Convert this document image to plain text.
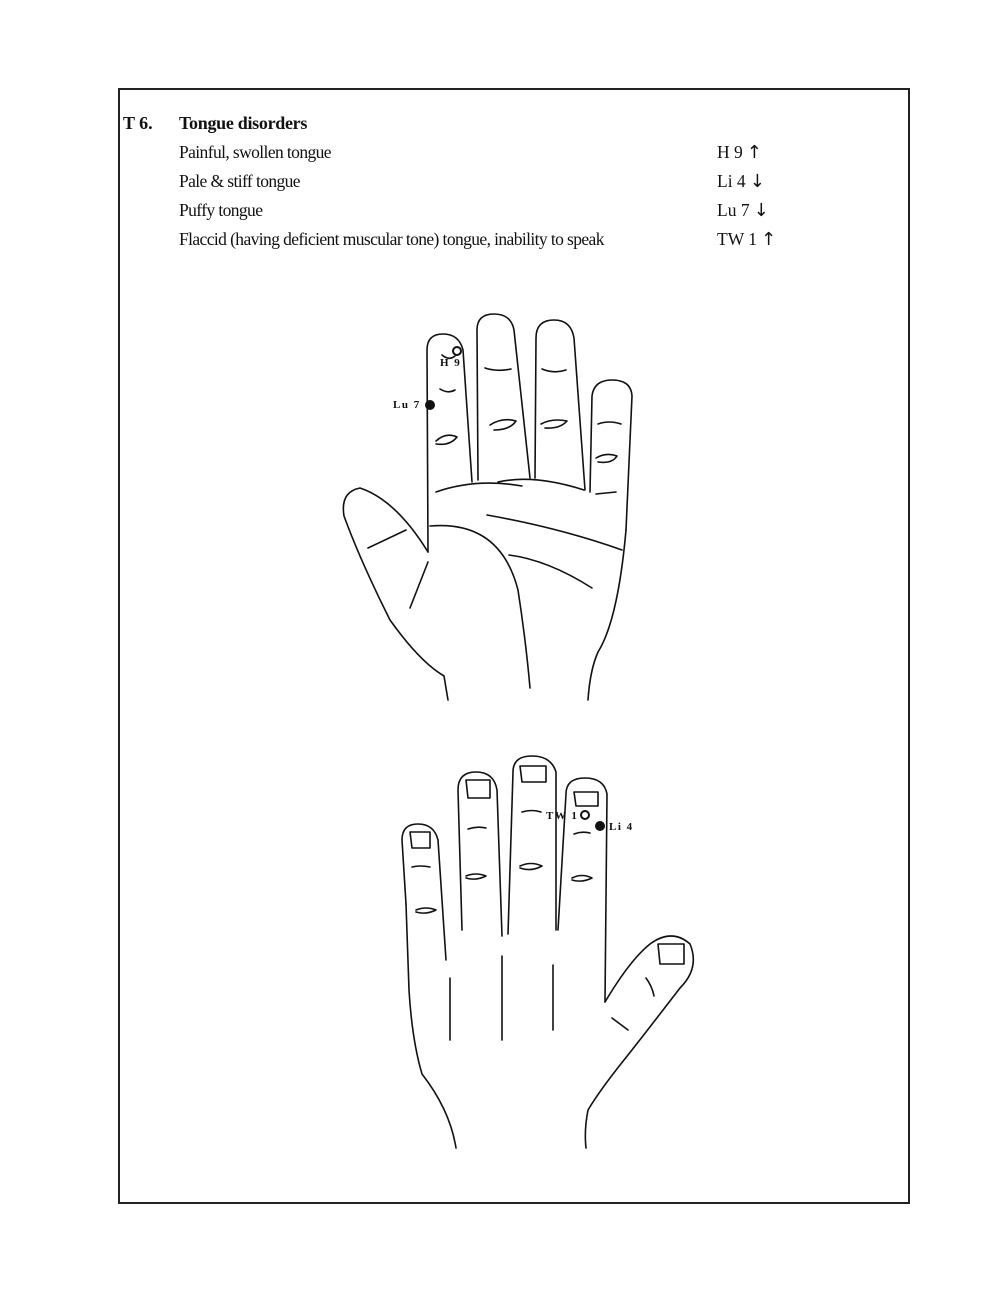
T 6. Tongue disorders
Painful, swollen tongue	H 9 ↑
Pale & stiff tongue	Li 4 ↓
Puffy tongue	Lu 7 ↓
Flaccid (having deficient muscular tone) tongue, inability to speak	TW 1 ↑
H 9
Lu 7
TW 1
Li 4
